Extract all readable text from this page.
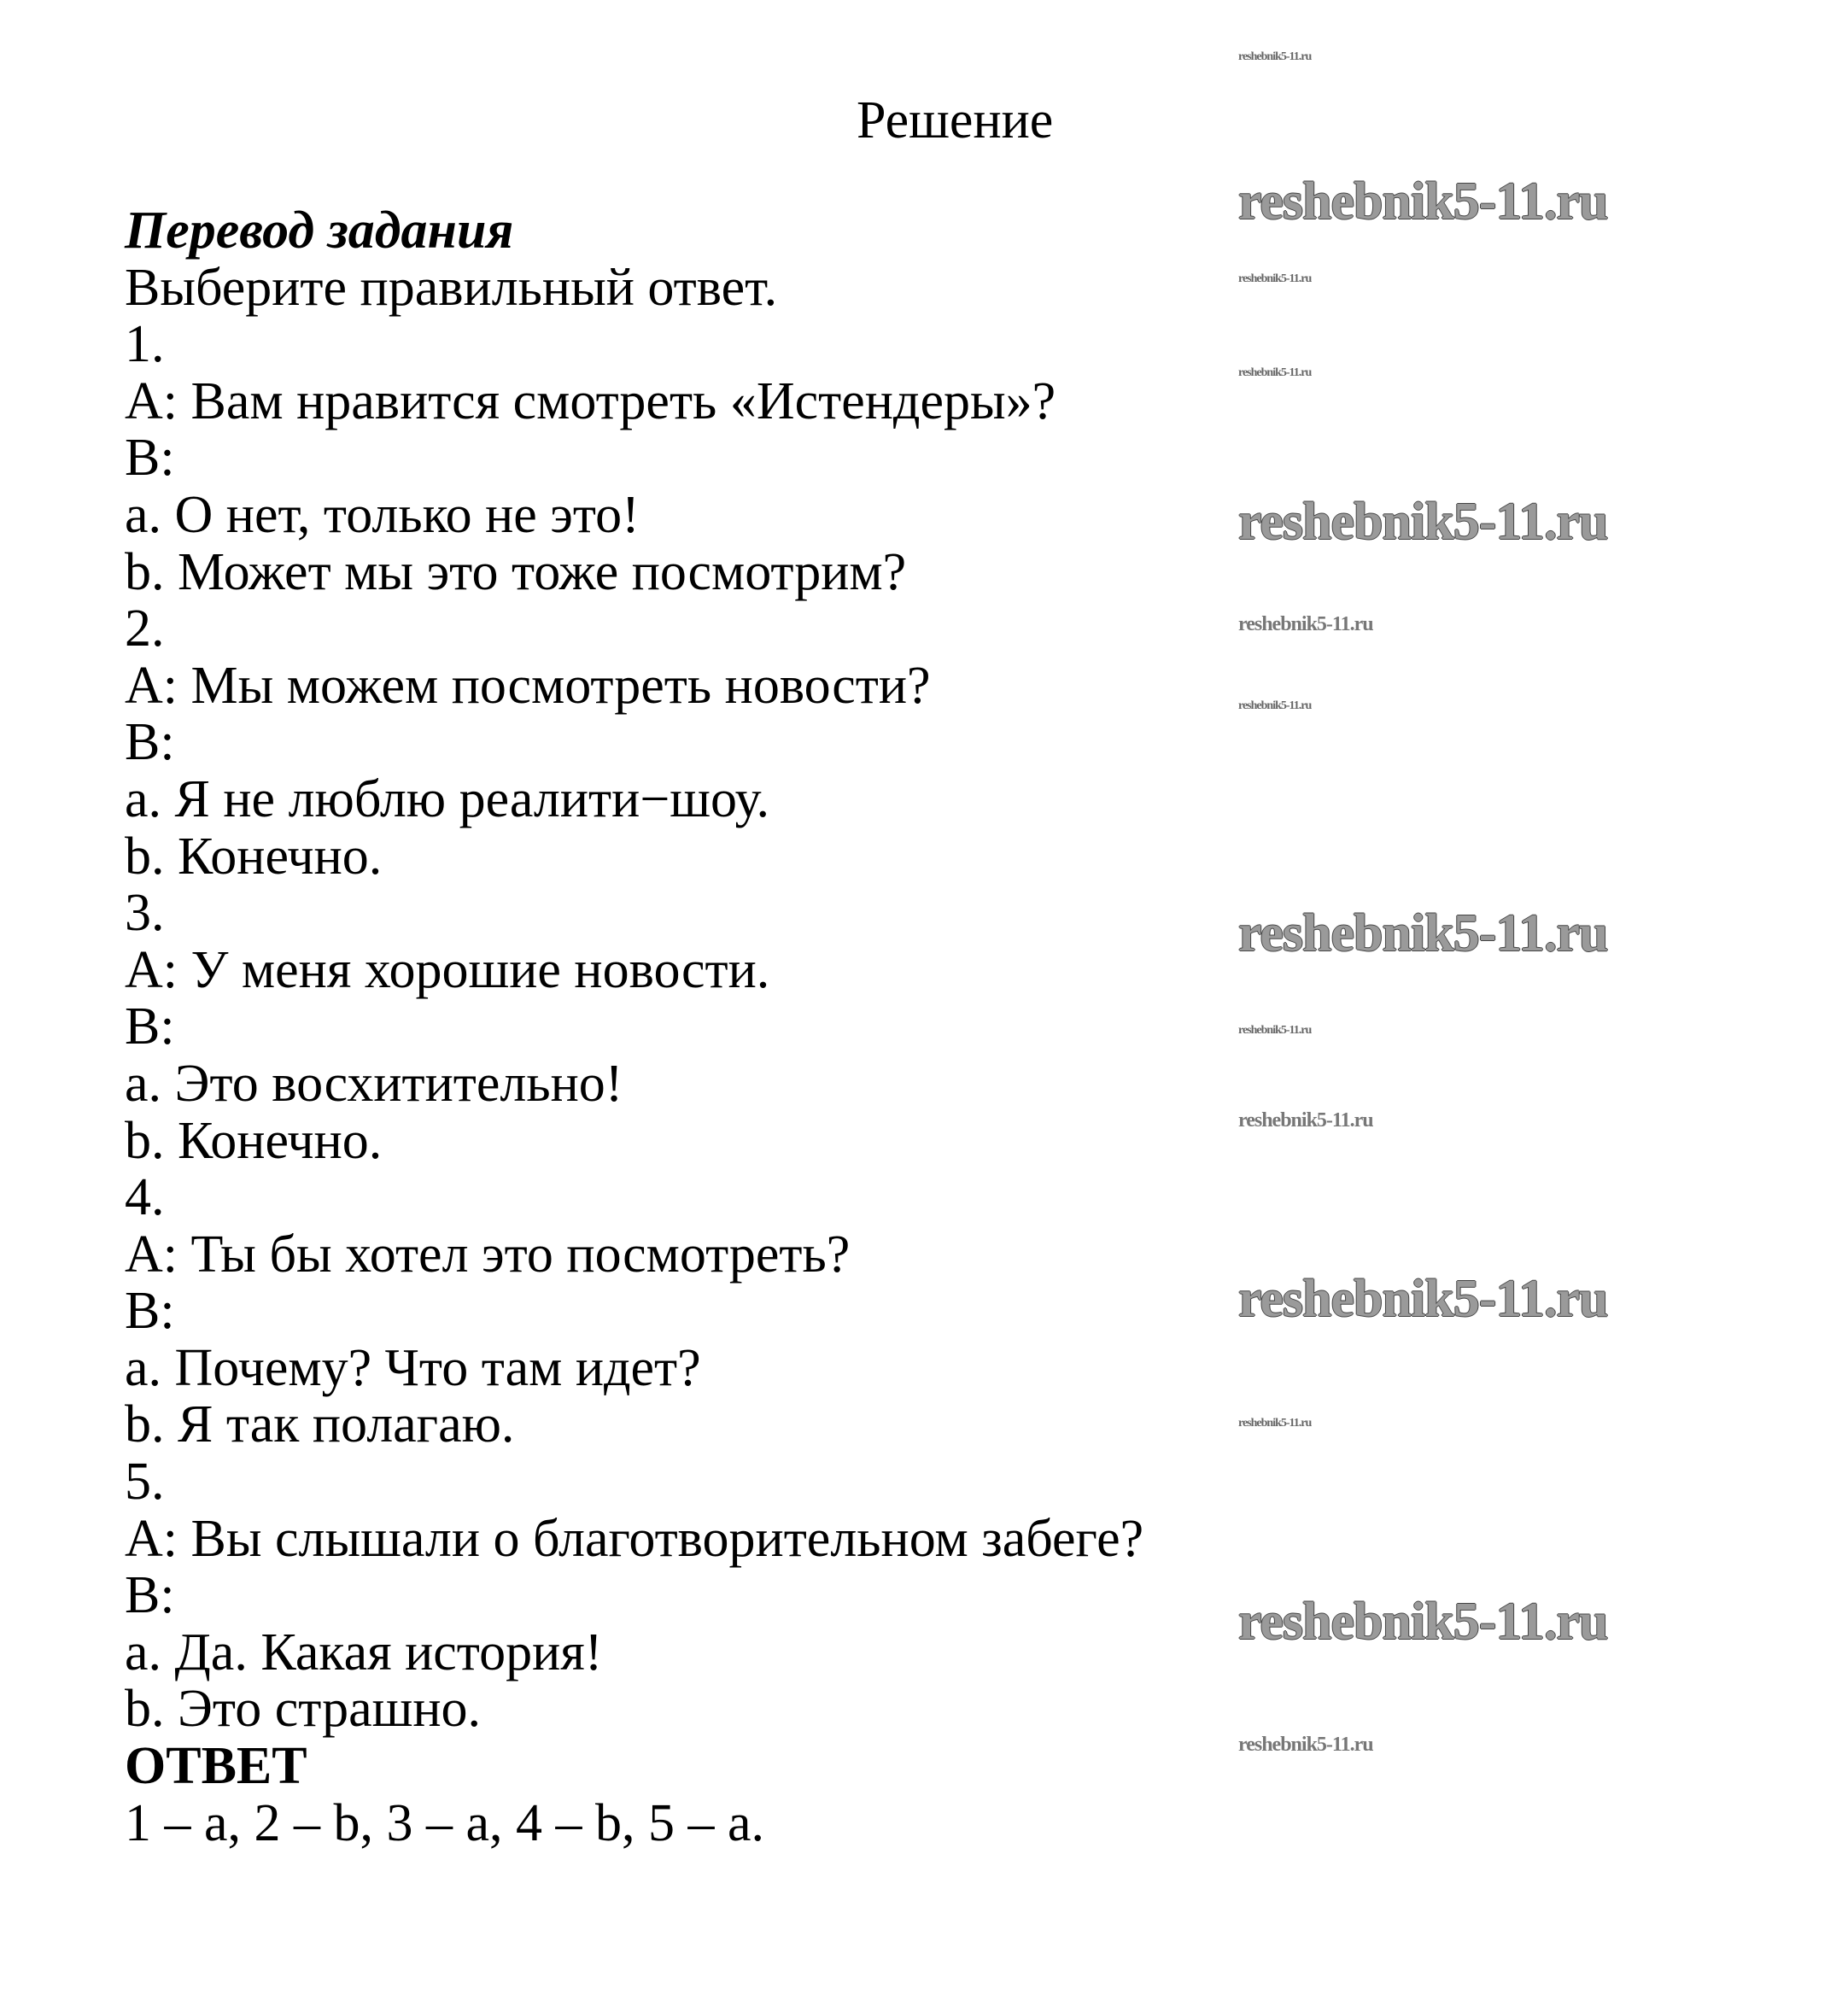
Решение
Перевод задания
Выберите правильный ответ.
1.
A: Вам нравится смотреть «Истендеры»?
B:
a. О нет, только не это!
b. Может мы это тоже посмотрим?
2.
A: Мы можем посмотреть новости?
B:
a. Я не люблю реалити−шоу.
b. Конечно.
3.
A: У меня хорошие новости.
B:
a. Это восхитительно!
b. Конечно.
4.
A: Ты бы хотел это посмотреть?
B:
a. Почему? Что там идет?
b. Я так полагаю.
5.
A: Вы слышали о благотворительном забеге?
B:
a. Да. Какая история!
b. Это страшно.
ОТВЕТ
1 – a, 2 – b, 3 – a, 4 – b, 5 – a.
reshebnik5-11.ru
reshebnik5-11.ru
reshebnik5-11.ru
reshebnik5-11.ru
reshebnik5-11.ru
reshebnik5-11.ru
reshebnik5-11.ru
reshebnik5-11.ru
reshebnik5-11.ru
reshebnik5-11.ru
reshebnik5-11.ru
reshebnik5-11.ru
reshebnik5-11.ru
reshebnik5-11.ru
